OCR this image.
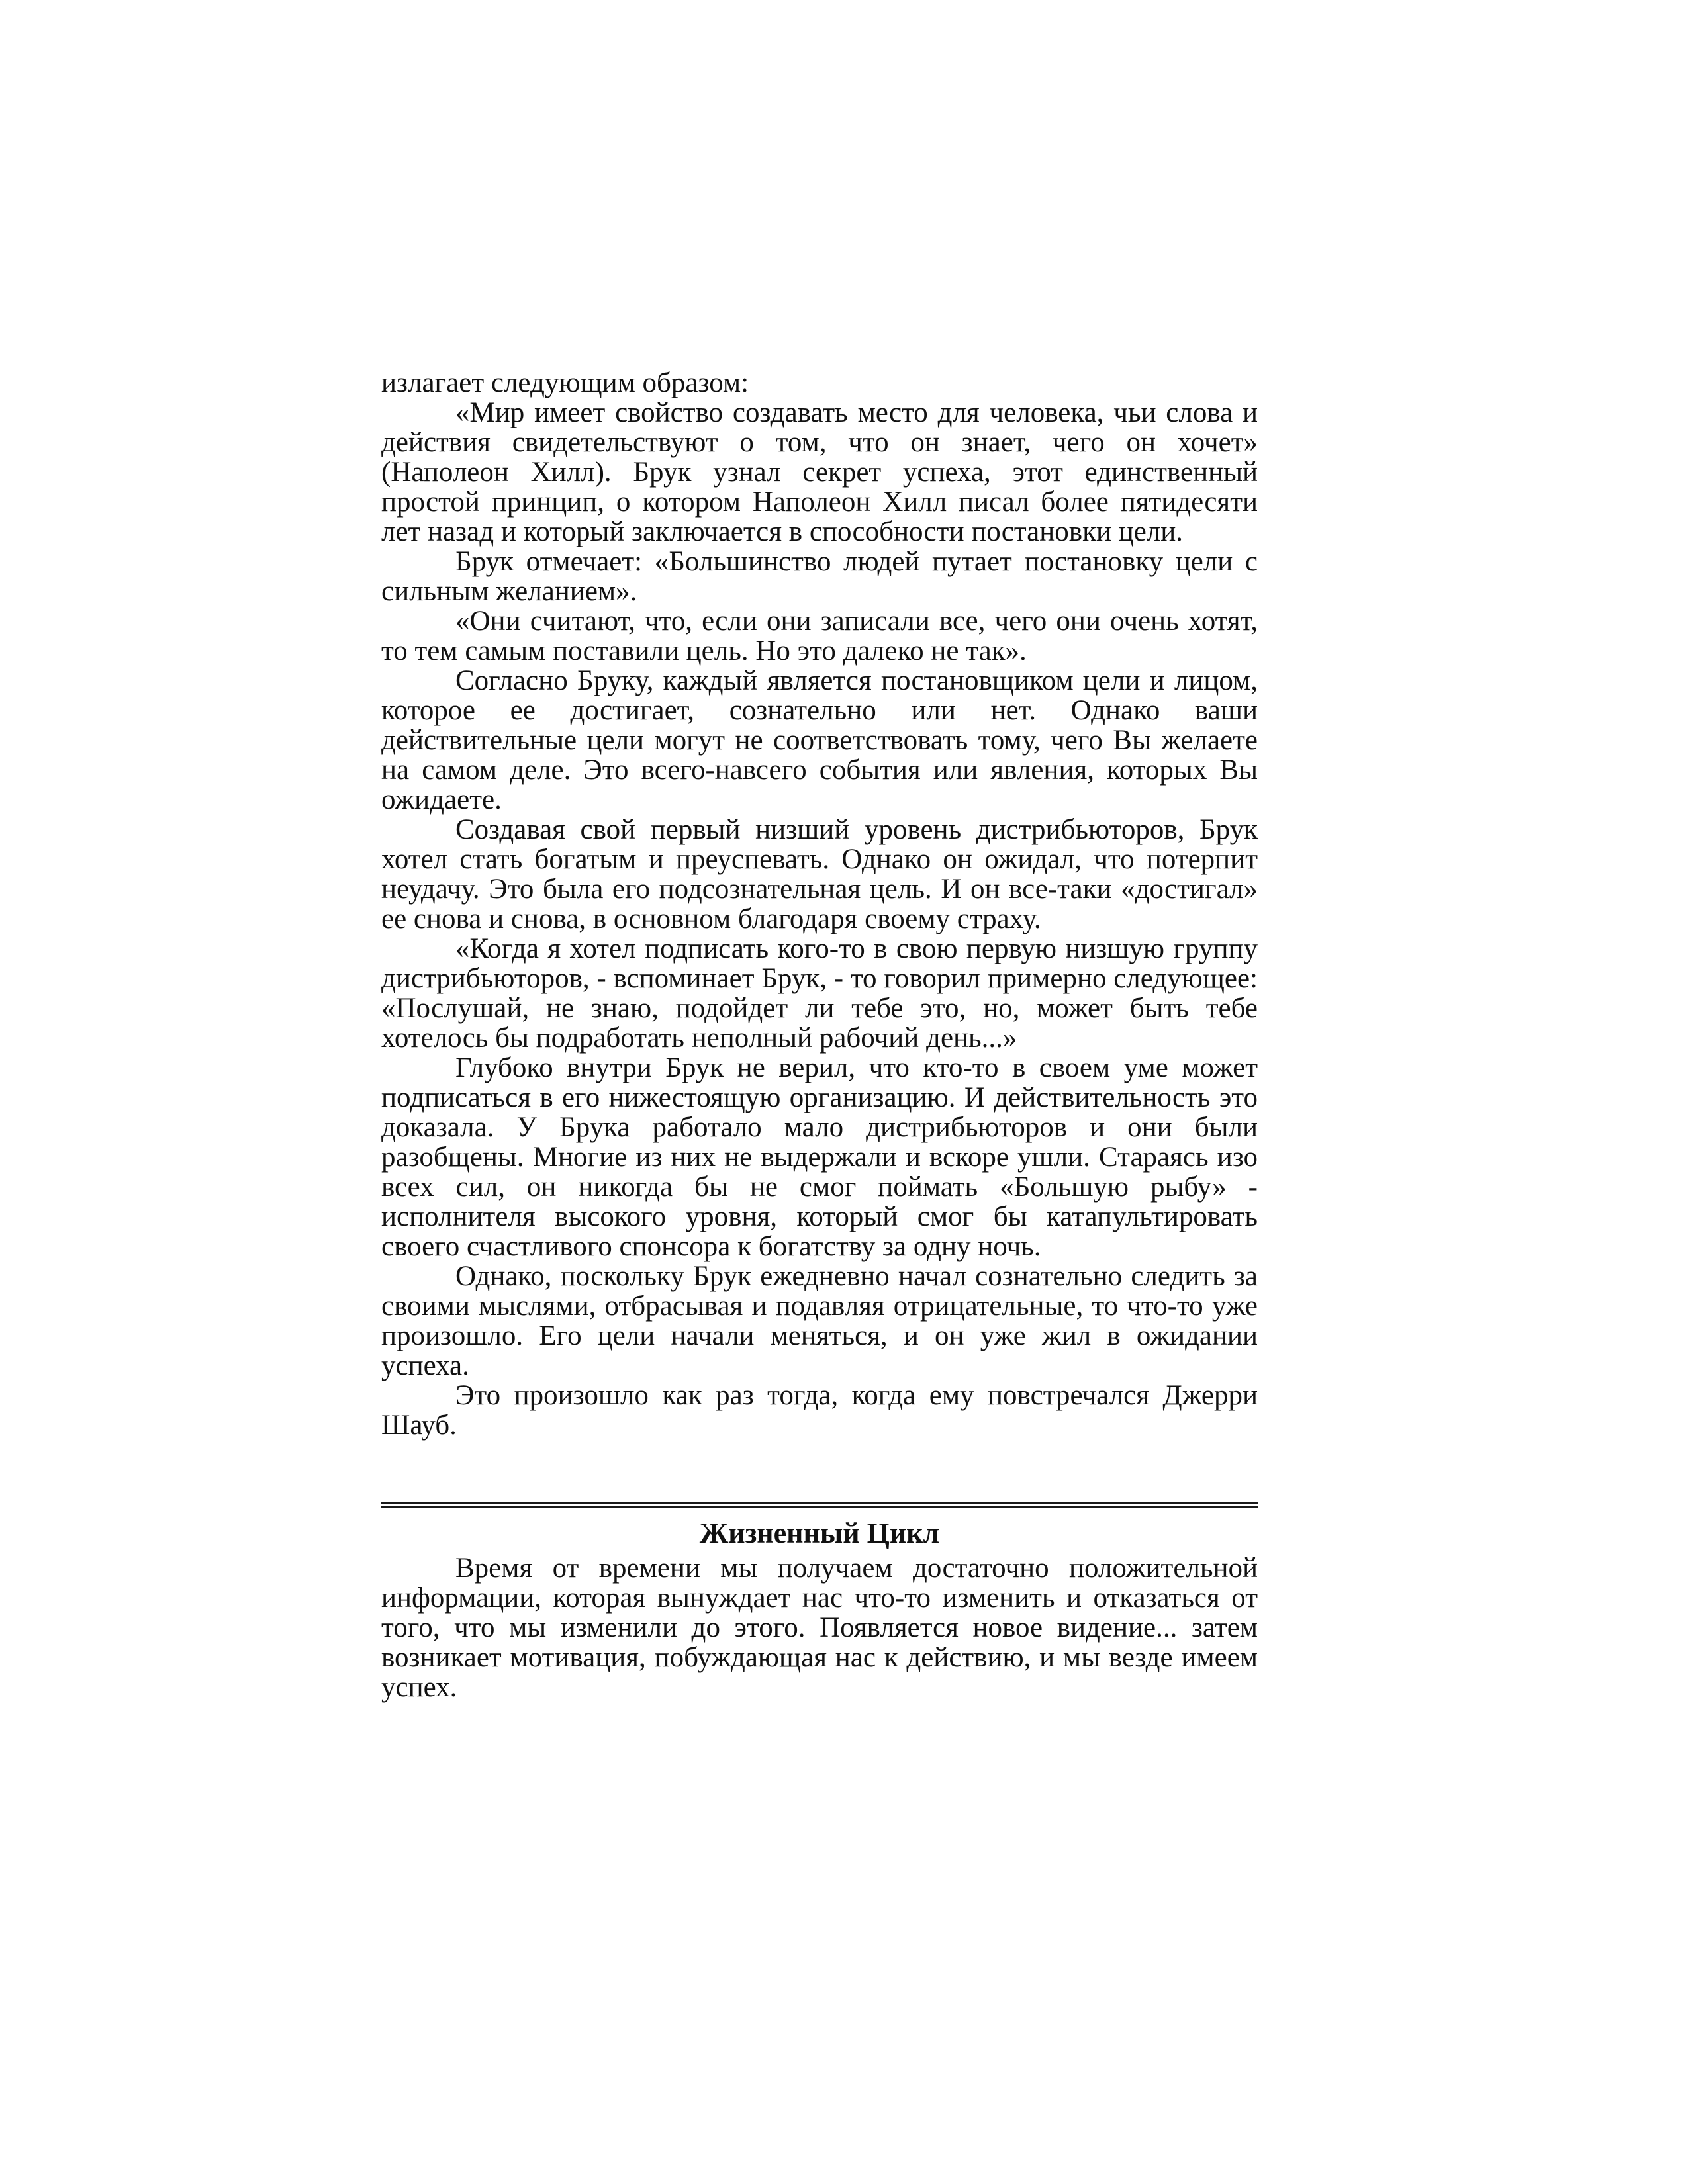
излагает следующим образом:

«Мир имеет свойство создавать место для человека, чьи слова и действия свидетельствуют о том, что он знает, чего он хочет» (Наполеон Хилл). Брук узнал секрет успеха, этот единственный простой принцип, о котором Наполеон Хилл писал более пятидесяти лет назад и который заключается в способности постановки цели.

Брук отмечает: «Большинство людей путает постановку цели с сильным желанием».

«Они считают, что, если они записали все, чего они очень хотят, то тем самым поставили цель. Но это далеко не так».

Согласно Бруку, каждый является постановщиком цели и лицом, которое ее достигает, сознательно или нет. Однако ваши действительные цели могут не соответствовать тому, чего Вы желаете на самом деле. Это всего-навсего события или явления, которых Вы ожидаете.

Создавая свой первый низший уровень дистрибьюторов, Брук хотел стать богатым и преуспевать. Однако он ожидал, что потерпит неудачу. Это была его подсознательная цель. И он все-таки «достигал» ее снова и снова, в основном благодаря своему страху.

«Когда я хотел подписать кого-то в свою первую низшую группу дистрибьюторов, - вспоминает Брук, - то говорил примерно следующее: «Послушай, не знаю, подойдет ли тебе это, но, может быть тебе хотелось бы подработать неполный рабочий день...»

Глубоко внутри Брук не верил, что кто-то в своем уме может подписаться в его нижестоящую организацию. И действительность это доказала. У Брука работало мало дистрибьюторов и они были разобщены. Многие из них не выдержали и вскоре ушли. Стараясь изо всех сил, он никогда бы не смог поймать «Большую рыбу» - исполнителя высокого уровня, который смог бы катапультировать своего счастливого спонсора к богатству за одну ночь.

Однако, поскольку Брук ежедневно начал сознательно следить за своими мыслями, отбрасывая и подавляя отрицательные, то что-то уже произошло. Его цели начали меняться, и он уже жил в ожидании успеха.

Это произошло как раз тогда, когда ему повстречался Джерри Шауб.

Жизненный Цикл

Время от времени мы получаем достаточно положительной информации, которая вынуждает нас что-то изменить и отказаться от того, что мы изменили до этого. Появляется новое видение... затем возникает мотивация, побуждающая нас к действию, и мы везде имеем успех.
